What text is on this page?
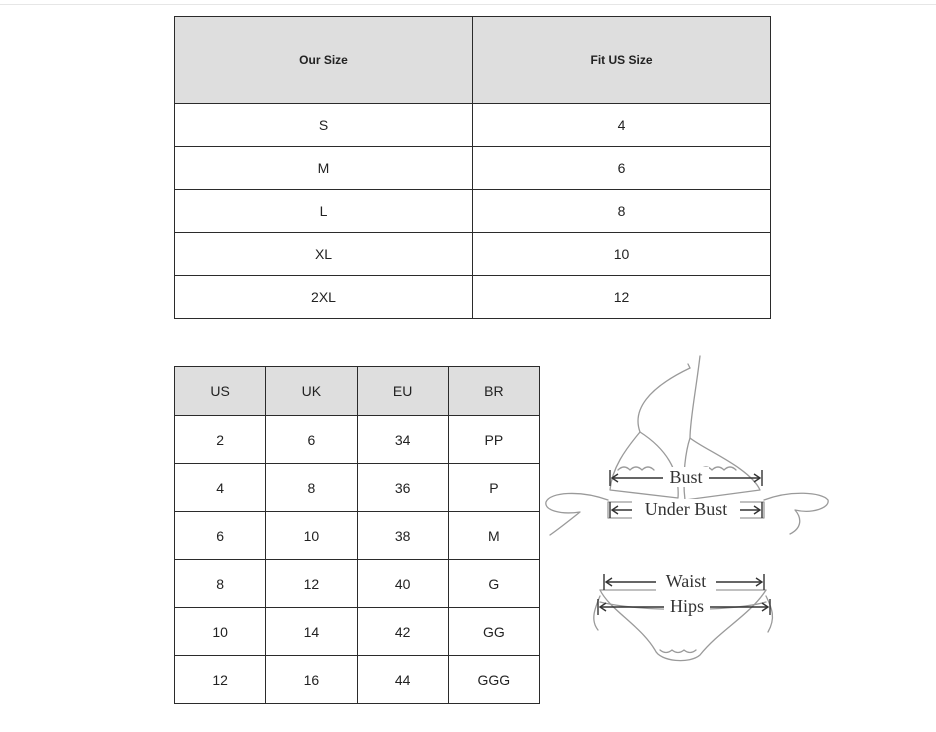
Our Size	Fit US Size
S	4
M	6
L	8
XL	10
2XL	12
US	UK	EU	BR
2	6	34	PP
4	8	36	P
6	10	38	M
8	12	40	G
10	14	42	GG
12	16	44	GGG
Bust
Under Bust
Waist
Hips
